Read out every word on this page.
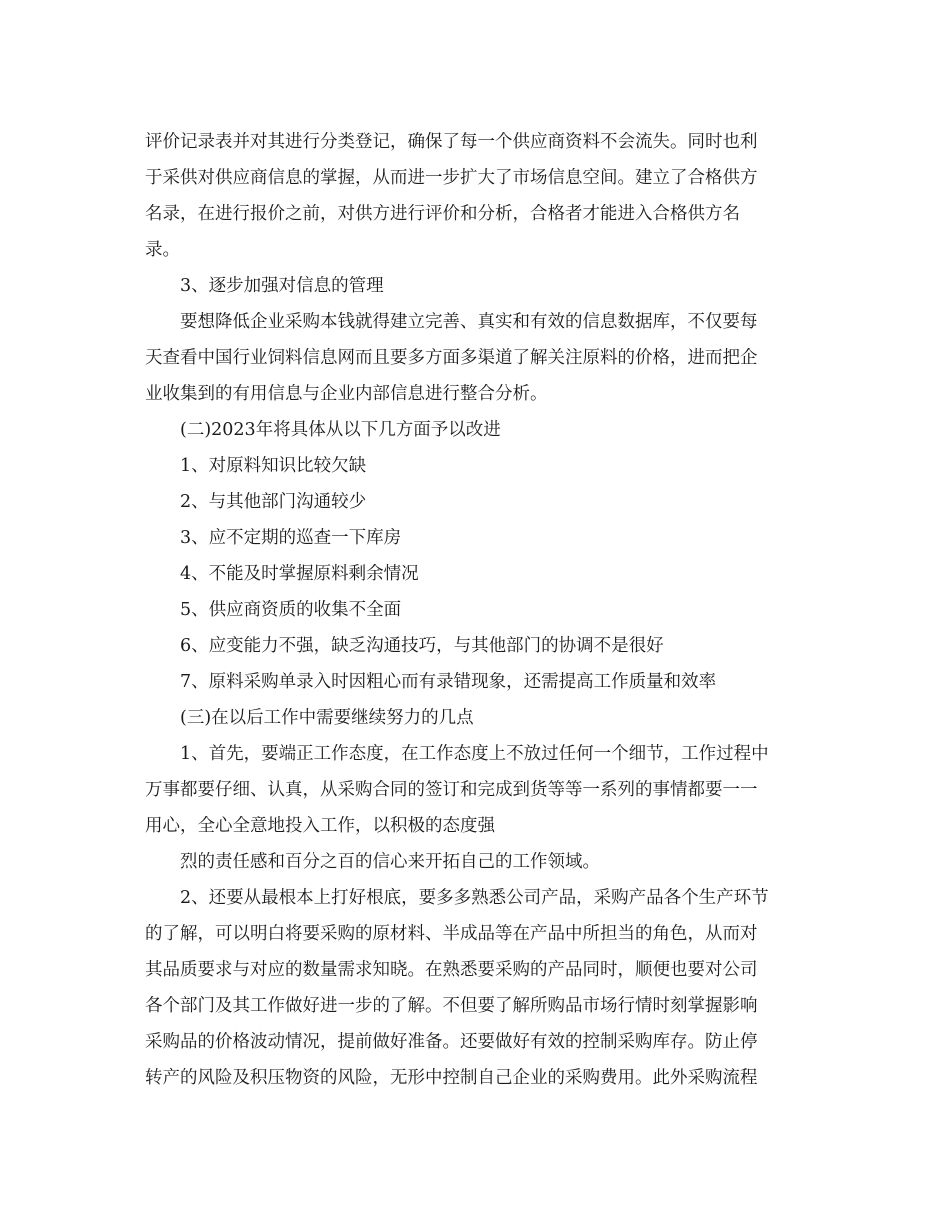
评价记录表并对其进行分类登记，确保了每一个供应商资料不会流失。同时也利
于采供对供应商信息的掌握，从而进一步扩大了市场信息空间。建立了合格供方
名录，在进行报价之前，对供方进行评价和分析，合格者才能进入合格供方名
录。
3、逐步加强对信息的管理
要想降低企业采购本钱就得建立完善、真实和有效的信息数据库，不仅要每
天查看中国行业饲料信息网而且要多方面多渠道了解关注原料的价格，进而把企
业收集到的有用信息与企业内部信息进行整合分析。
(二)2023年将具体从以下几方面予以改进
1、对原料知识比较欠缺
2、与其他部门沟通较少
3、应不定期的巡查一下库房
4、不能及时掌握原料剩余情况
5、供应商资质的收集不全面
6、应变能力不强，缺乏沟通技巧，与其他部门的协调不是很好
7、原料采购单录入时因粗心而有录错现象，还需提高工作质量和效率
(三)在以后工作中需要继续努力的几点
1、首先，要端正工作态度，在工作态度上不放过任何一个细节，工作过程中
万事都要仔细、认真，从采购合同的签订和完成到货等等一系列的事情都要一一
用心，全心全意地投入工作，以积极的态度强
烈的责任感和百分之百的信心来开拓自己的工作领域。
2、还要从最根本上打好根底，要多多熟悉公司产品，采购产品各个生产环节
的了解，可以明白将要采购的原材料、半成品等在产品中所担当的角色，从而对
其品质要求与对应的数量需求知晓。在熟悉要采购的产品同时，顺便也要对公司
各个部门及其工作做好进一步的了解。不但要了解所购品市场行情时刻掌握影响
采购品的价格波动情况，提前做好准备。还要做好有效的控制采购库存。防止停
转产的风险及积压物资的风险，无形中控制自己企业的采购费用。此外采购流程
